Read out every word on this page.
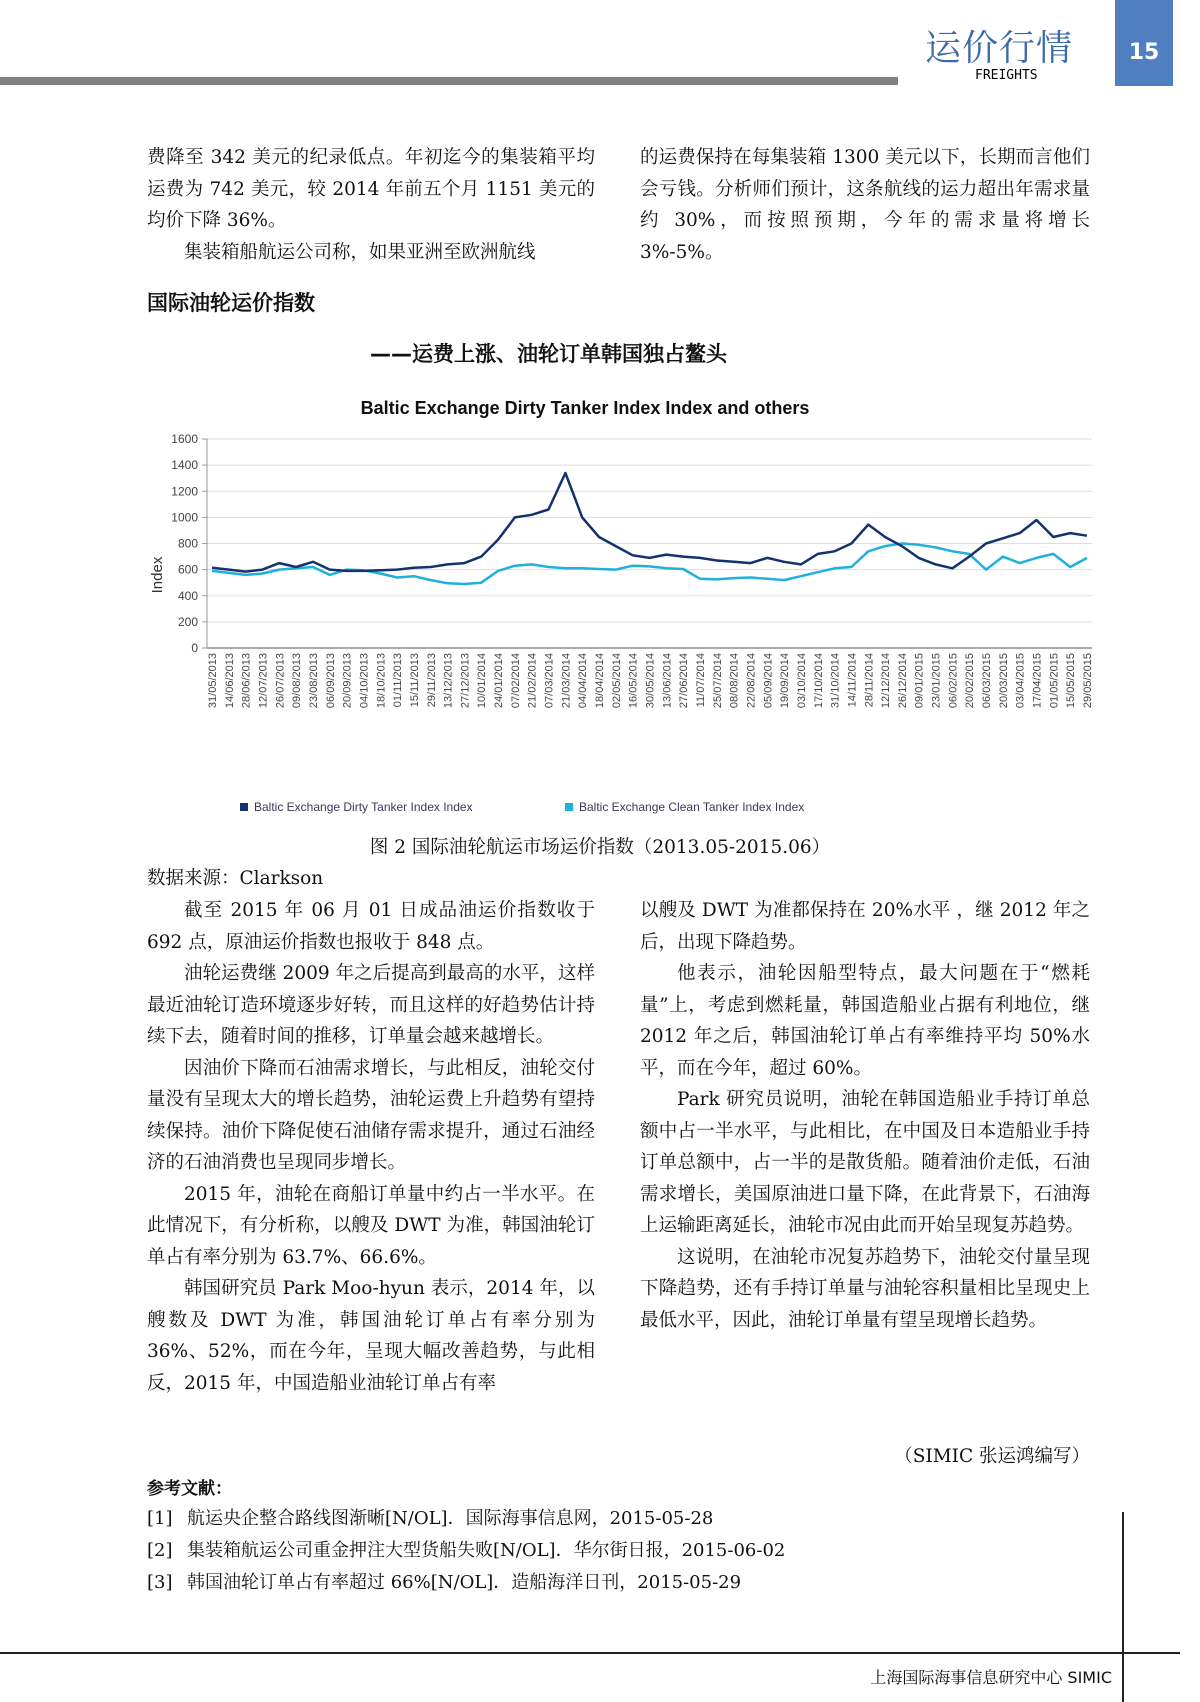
运价行情
FREIGHTS
15

费降至 342 美元的纪录低点。年初迄今的集装箱平均运费为 742 美元，较 2014 年前五个月 1151 美元的均价下降 36%。

集装箱船航运公司称，如果亚洲至欧洲航线

的运费保持在每集装箱 1300 美元以下，长期而言他们会亏钱。分析师们预计，这条航线的运力超出年需求量约 30%，而按照预期，今年的需求量将增长 3%-5%。

国际油轮运价指数
——运费上涨、油轮订单韩国独占鳌头
Baltic Exchange Dirty Tanker Index Index and others
0
200
400
600
800
1000
1200
1400
1600
31/05/2013 14/06/2013 28/06/2013 12/07/2013 26/07/2013 09/08/2013 23/08/2013 06/09/2013 20/09/2013 04/10/2013 18/10/2013 01/11/2013 15/11/2013 29/11/2013 13/12/2013 27/12/2013 10/01/2014 24/01/2014 07/02/2014 21/02/2014 07/03/2014 21/03/2014 04/04/2014 18/04/2014 02/05/2014 16/05/2014 30/05/2014 13/06/2014 27/06/2014 11/07/2014 25/07/2014 08/08/2014 22/08/2014 05/09/2014 19/09/2014 03/10/2014 17/10/2014 31/10/2014 14/11/2014 28/11/2014 12/12/2014 26/12/2014 09/01/2015 23/01/2015 06/02/2015 20/02/2015 06/03/2015 20/03/2015 03/04/2015 17/04/2015 01/05/2015 15/05/2015 29/05/2015
Index
Baltic Exchange Dirty Tanker Index Index	Baltic Exchange Clean Tanker Index Index
图 2 国际油轮航运市场运价指数（2013.05-2015.06）
数据来源：Clarkson

截至 2015 年 06 月 01 日成品油运价指数收于 692 点，原油运价指数也报收于 848 点。

油轮运费继 2009 年之后提高到最高的水平，这样最近油轮订造环境逐步好转，而且这样的好趋势估计持续下去，随着时间的推移，订单量会越来越增长。

因油价下降而石油需求增长，与此相反，油轮交付量没有呈现太大的增长趋势，油轮运费上升趋势有望持续保持。油价下降促使石油储存需求提升，通过石油经济的石油消费也呈现同步增长。

2015 年，油轮在商船订单量中约占一半水平。在此情况下，有分析称，以艘及 DWT 为准，韩国油轮订单占有率分别为 63.7%、66.6%。

韩国研究员 Park Moo-hyun 表示，2014 年，以艘数及 DWT 为准，韩国油轮订单占有率分别为 36%、52%，而在今年，呈现大幅改善趋势，与此相反，2015 年，中国造船业油轮订单占有率

以艘及 DWT 为准都保持在 20%水平 ，继 2012 年之后，出现下降趋势。

他表示，油轮因船型特点，最大问题在于“燃耗量”上，考虑到燃耗量，韩国造船业占据有利地位，继 2012 年之后，韩国油轮订单占有率维持平均 50%水平，而在今年，超过 60%。

Park 研究员说明，油轮在韩国造船业手持订单总额中占一半水平，与此相比，在中国及日本造船业手持订单总额中，占一半的是散货船。随着油价走低，石油需求增长，美国原油进口量下降，在此背景下，石油海上运输距离延长，油轮市况由此而开始呈现复苏趋势。

这说明，在油轮市况复苏趋势下，油轮交付量呈现下降趋势，还有手持订单量与油轮容积量相比呈现史上最低水平，因此，油轮订单量有望呈现增长趋势。

（SIMIC 张运鸿编写）
参考文献：
[1] 航运央企整合路线图渐晰[N/OL]．国际海事信息网，2015-05-28
[2] 集装箱航运公司重金押注大型货船失败[N/OL]．华尔街日报，2015-06-02
[3] 韩国油轮订单占有率超过 66%[N/OL]．造船海洋日刊，2015-05-29
上海国际海事信息研究中心 SIMIC
